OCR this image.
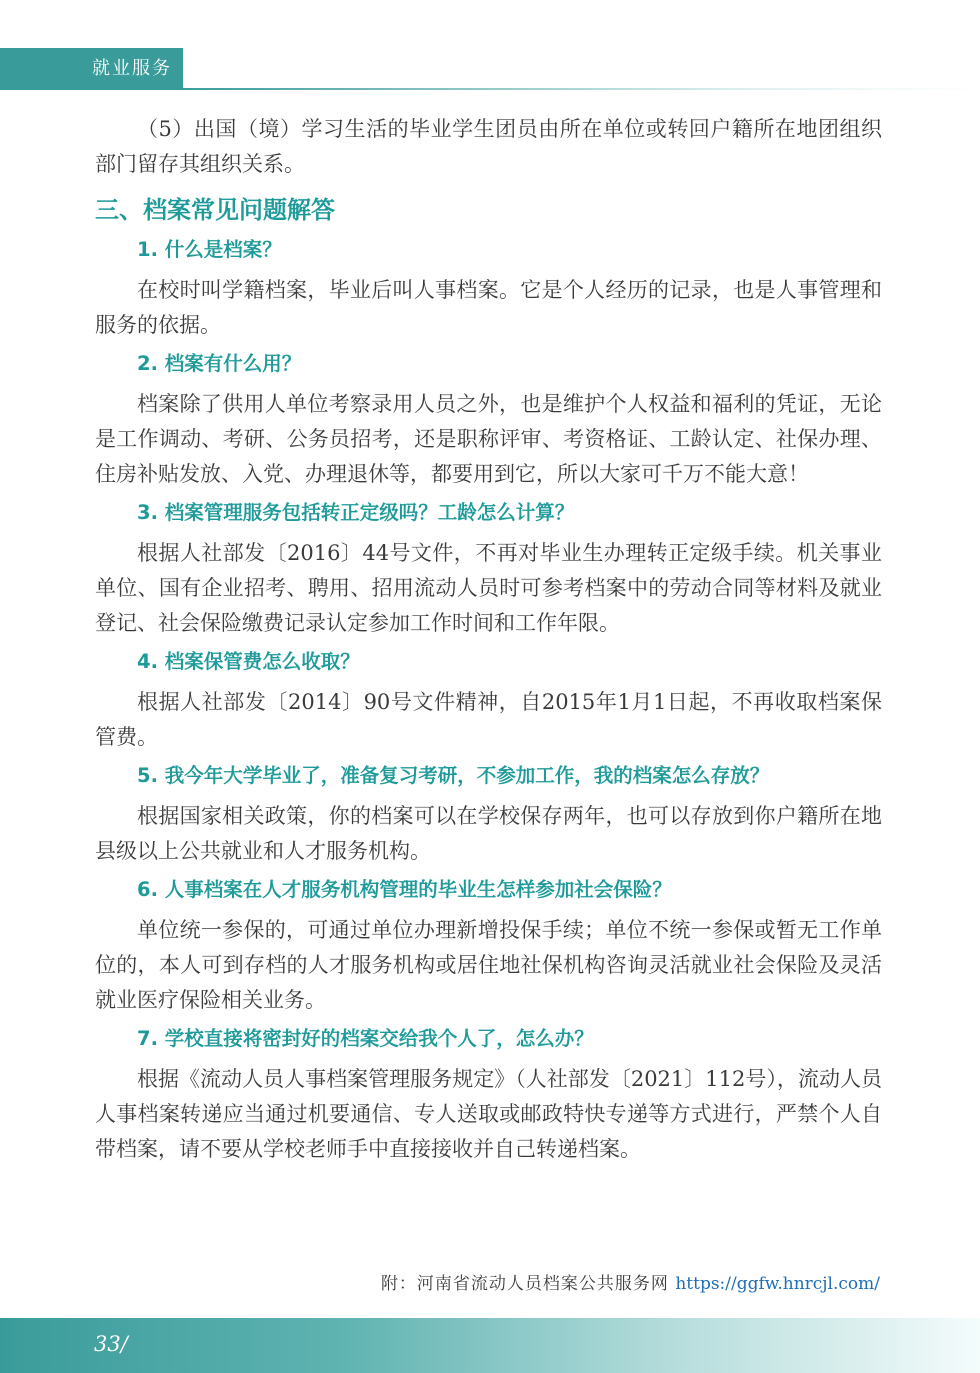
就业服务

（5）出国（境）学习生活的毕业学生团员由所在单位或转回户籍所在地团组织部门留存其组织关系。

三、档案常见问题解答
1. 什么是档案？

在校时叫学籍档案，毕业后叫人事档案。它是个人经历的记录，也是人事管理和服务的依据。

2. 档案有什么用？

档案除了供用人单位考察录用人员之外，也是维护个人权益和福利的凭证，无论是工作调动、考研、公务员招考，还是职称评审、考资格证、工龄认定、社保办理、住房补贴发放、入党、办理退休等，都要用到它，所以大家可千万不能大意！

3. 档案管理服务包括转正定级吗？工龄怎么计算？

根据人社部发〔2016〕44号文件，不再对毕业生办理转正定级手续。机关事业单位、国有企业招考、聘用、招用流动人员时可参考档案中的劳动合同等材料及就业登记、社会保险缴费记录认定参加工作时间和工作年限。

4. 档案保管费怎么收取？

根据人社部发〔2014〕90号文件精神，自2015年1月1日起，不再收取档案保管费。

5. 我今年大学毕业了，准备复习考研，不参加工作，我的档案怎么存放？

根据国家相关政策，你的档案可以在学校保存两年，也可以存放到你户籍所在地县级以上公共就业和人才服务机构。

6. 人事档案在人才服务机构管理的毕业生怎样参加社会保险？

单位统一参保的，可通过单位办理新增投保手续；单位不统一参保或暂无工作单位的，本人可到存档的人才服务机构或居住地社保机构咨询灵活就业社会保险及灵活就业医疗保险相关业务。

7. 学校直接将密封好的档案交给我个人了，怎么办？

根据《流动人员人事档案管理服务规定》（人社部发〔2021〕112号），流动人员人事档案转递应当通过机要通信、专人送取或邮政特快专递等方式进行，严禁个人自带档案，请不要从学校老师手中直接接收并自己转递档案。

附：河南省流动人员档案公共服务网 https://ggfw.hnrcjl.com/
33/
